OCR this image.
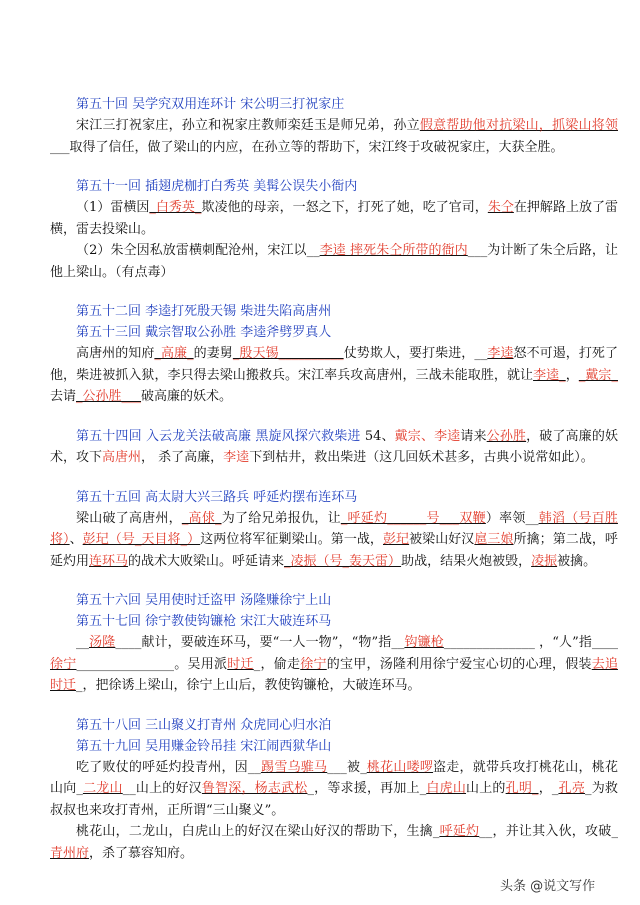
第五十回 吴学究双用连环计 宋公明三打祝家庄
宋江三打祝家庄，孙立和祝家庄教师栾廷玉是师兄弟，孙立假意帮助他对抗梁山，抓梁山将领___取得了信任，做了梁山的内应，在孙立等的帮助下，宋江终于攻破祝家庄，大获全胜。
第五十一回 插翅虎枷打白秀英 美髯公误失小衙内
（1）雷横因_白秀英_欺凌他的母亲，一怒之下，打死了她，吃了官司，朱仝在押解路上放了雷横，雷去投梁山。
（2）朱仝因私放雷横刺配沧州，宋江以__李逵 摔死朱仝所带的衙内___为计断了朱仝后路，让他上梁山。（有点毒）
第五十二回 李逵打死殷天锡 柴进失陷高唐州
第五十三回 戴宗智取公孙胜 李逵斧劈罗真人
高唐州的知府_高廉_的妻舅_殷天锡__________仗势欺人，要打柴进，__李逵怒不可遏，打死了他，柴进被抓入狱，李只得去梁山搬救兵。宋江率兵攻高唐州，三战未能取胜，就让李逵_，_戴宗_去请_公孙胜___破高廉的妖术。
第五十四回 入云龙关法破高廉 黑旋风探穴救柴进 54、戴宗、李逵请来公孙胜，破了高廉的妖术，攻下高唐州， 杀了高廉，李逵下到枯井，救出柴进（这几回妖术甚多，古典小说常如此）。
第五十五回 高太尉大兴三路兵 呼延灼摆布连环马
梁山破了高唐州，_高俅_为了给兄弟报仇，让_呼延灼______号___双鞭）率领__韩滔（号百胜将）、彭玘（号_天目将_）这两位将军征剿梁山。第一战，彭玘被梁山好汉扈三娘所擒；第二战，呼延灼用连环马的战术大败梁山。呼延请来_凌振（号_轰天雷）助战，结果火炮被毁，凌振被擒。
第五十六回 吴用使时迁盗甲 汤隆赚徐宁上山
第五十七回 徐宁教使钩镰枪 宋江大破连环马
__汤隆____献计，要破连环马，要“一人一物”，“物”指__钩镰枪______________ ，“人”指____徐宁_______________。吴用派时迁_，偷走徐宁的宝甲，汤隆利用徐宁爱宝心切的心理，假装去追时迁_，把徐诱上梁山，徐宁上山后，教使钩镰枪，大破连环马。
第五十八回 三山聚义打青州 众虎同心归水泊
第五十九回 吴用赚金铃吊挂 宋江闹西狱华山
吃了败仗的呼延灼投青州，因__踢雪乌骓马___被_桃花山喽啰盗走，就带兵攻打桃花山，桃花山向_二龙山__山上的好汉鲁智深，杨志武松_，等求援，再加上_白虎山山上的孔明_，_孔亮_为救叔叔也来攻打青州，正所谓“三山聚义”。
桃花山，二龙山，白虎山上的好汉在梁山好汉的帮助下，生擒_呼延灼__，并让其入伙，攻破_青州府，杀了慕容知府。
头条 @说文写作
